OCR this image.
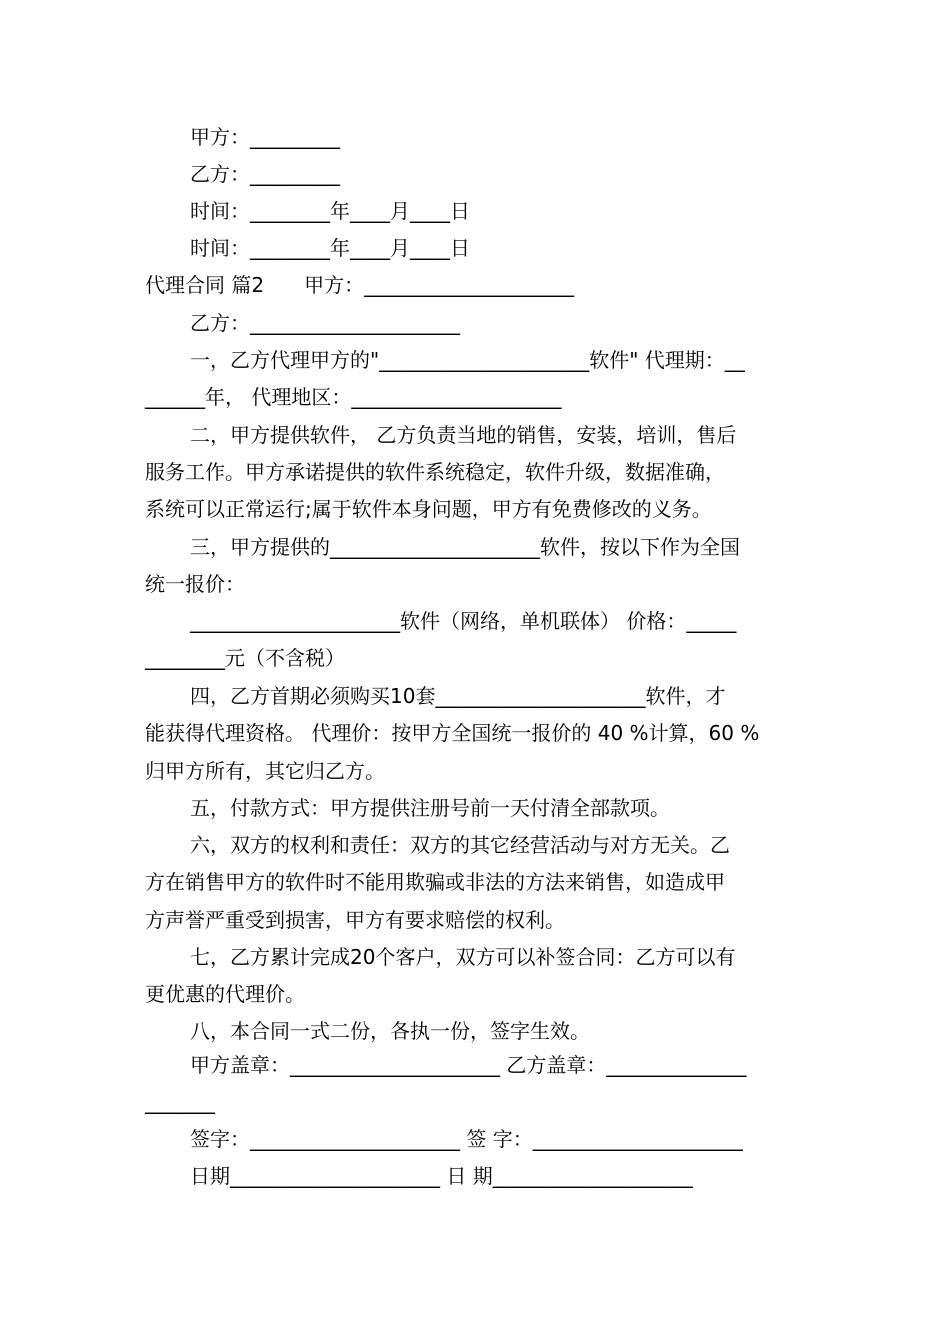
甲方：_________
乙方：_________
时间：________年____月____日
时间：________年____月____日
代理合同 篇2　　甲方：_____________________
乙方：_____________________
一，乙方代理甲方的"_____________________软件" 代理期：__
______年， 代理地区：_____________________
二，甲方提供软件， 乙方负责当地的销售，安装，培训，售后
服务工作。甲方承诺提供的软件系统稳定，软件升级，数据准确，
系统可以正常运行;属于软件本身问题，甲方有免费修改的义务。
三，甲方提供的_____________________软件，按以下作为全国
统一报价：
_____________________软件（网络，单机联体） 价格：_____
________元（不含税）
四，乙方首期必须购买10套_____________________软件，才
能获得代理资格。 代理价：按甲方全国统一报价的 40 %计算，60 %
归甲方所有，其它归乙方。
五，付款方式：甲方提供注册号前一天付清全部款项。
六，双方的权利和责任：双方的其它经营活动与对方无关。乙
方在销售甲方的软件时不能用欺骗或非法的方法来销售，如造成甲
方声誉严重受到损害，甲方有要求赔偿的权利。
七，乙方累计完成20个客户，双方可以补签合同：乙方可以有
更优惠的代理价。
八，本合同一式二份，各执一份，签字生效。
甲方盖章：_____________________ 乙方盖章：______________
_______
签字：_____________________ 签 字：_____________________
日期_____________________ 日 期____________________
